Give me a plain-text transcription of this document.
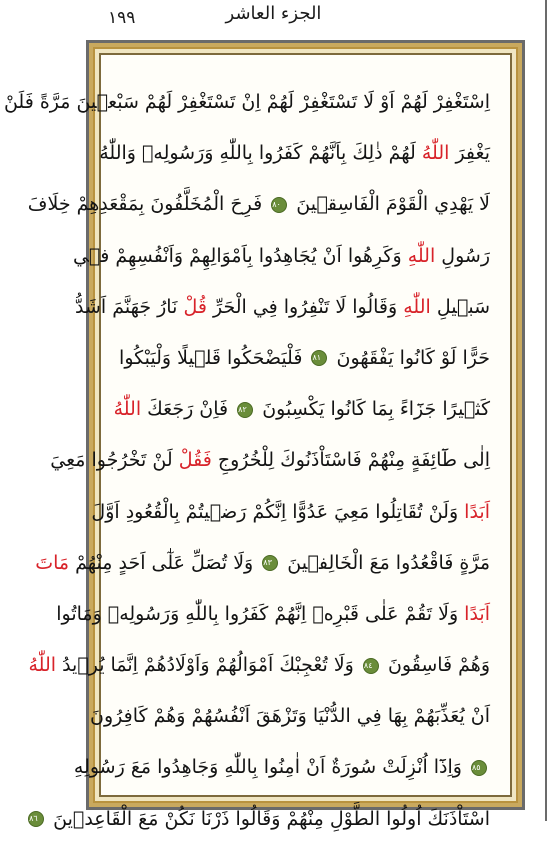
١٩٩	الجزء العاشر
اِسْتَغْفِرْ لَهُمْ اَوْ لَا تَسْتَغْفِرْ لَهُمْ اِنْ تَسْتَغْفِرْ لَهُمْ سَبْع۪ينَ مَرَّةً فَلَنْ
يَغْفِرَ اللّٰهُ لَهُمْ ذٰلِكَ بِاَنَّهُمْ كَفَرُوا بِاللّٰهِ وَرَسُولِه۪ وَاللّٰهُ
لَا يَهْدِي الْقَوْمَ الْفَاسِق۪ينَ ٨٠ فَرِحَ الْمُخَلَّفُونَ بِمَقْعَدِهِمْ خِلَافَ
رَسُولِ اللّٰهِ وَكَرِهُوا اَنْ يُجَاهِدُوا بِاَمْوَالِهِمْ وَاَنْفُسِهِمْ ف۪ي
سَب۪يلِ اللّٰهِ وَقَالُوا لَا تَنْفِرُوا فِي الْحَرِّ قُلْ نَارُ جَهَنَّمَ اَشَدُّ
حَرًّا لَوْ كَانُوا يَفْقَهُونَ ٨١ فَلْيَضْحَكُوا قَل۪يلًا وَلْيَبْكُوا
كَث۪يرًا جَزَٓاءً بِمَا كَانُوا يَكْسِبُونَ ٨٢ فَاِنْ رَجَعَكَ اللّٰهُ
اِلٰى طَٓائِفَةٍ مِنْهُمْ فَاسْتَاْذَنُوكَ لِلْخُرُوجِ فَقُلْ لَنْ تَخْرُجُوا مَعِيَ
اَبَدًا وَلَنْ تُقَاتِلُوا مَعِيَ عَدُوًّا اِنَّكُمْ رَض۪يتُمْ بِالْقُعُودِ اَوَّلَ
مَرَّةٍ فَاقْعُدُوا مَعَ الْخَالِف۪ينَ ٨٣ وَلَا تُصَلِّ عَلٰٓى اَحَدٍ مِنْهُمْ مَاتَ
اَبَدًا وَلَا تَقُمْ عَلٰى قَبْرِه۪ اِنَّهُمْ كَفَرُوا بِاللّٰهِ وَرَسُولِه۪ وَمَاتُوا
وَهُمْ فَاسِقُونَ ٨٤ وَلَا تُعْجِبْكَ اَمْوَالُهُمْ وَاَوْلَادُهُمْ اِنَّمَا يُر۪يدُ اللّٰهُ
اَنْ يُعَذِّبَهُمْ بِهَا فِي الدُّنْيَا وَتَزْهَقَ اَنْفُسُهُمْ وَهُمْ كَافِرُونَ
٨٥ وَاِذَٓا اُنْزِلَتْ سُورَةٌ اَنْ اٰمِنُوا بِاللّٰهِ وَجَاهِدُوا مَعَ رَسُولِهِ
اسْتَاْذَنَكَ اُولُوا الطَّوْلِ مِنْهُمْ وَقَالُوا ذَرْنَا نَكُنْ مَعَ الْقَاعِد۪ينَ ٨٦
